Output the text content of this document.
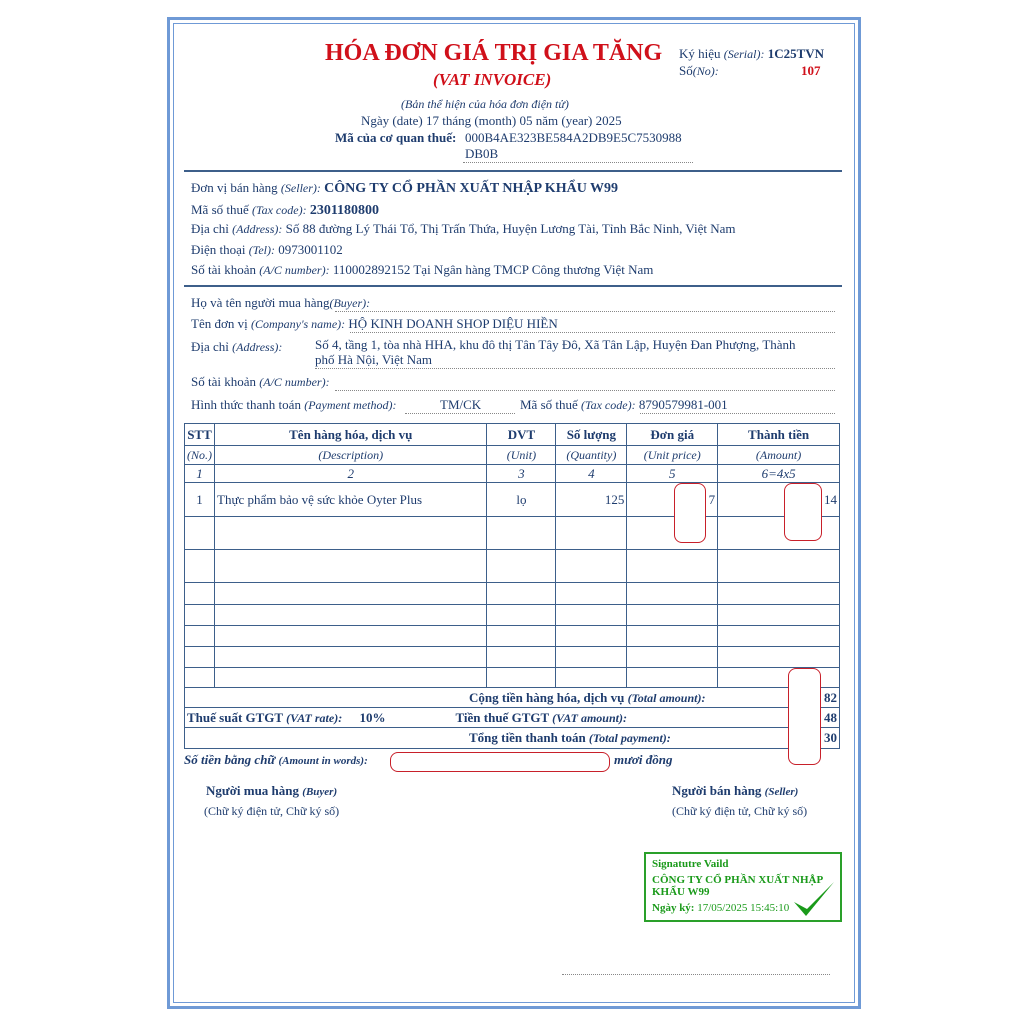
HÓA ĐƠN GIÁ TRỊ GIA TĂNG
(VAT INVOICE)
(Bản thể hiện của hóa đơn điện tử)
Ngày (date) 17 tháng (month) 05 năm (year) 2025
Mã của cơ quan thuế: 000B4AE323BE584A2DB9E5C7530988
DB0B
Ký hiệu (Serial): 1C25TVN
Số(No):	107
Đơn vị bán hàng (Seller): CÔNG TY CỔ PHẦN XUẤT NHẬP KHẨU W99
Mã số thuế (Tax code): 2301180800
Địa chỉ (Address): Số 88 đường Lý Thái Tổ, Thị Trấn Thứa, Huyện Lương Tài, Tỉnh Bắc Ninh, Việt Nam
Điện thoại (Tel): 0973001102
Số tài khoản (A/C number): 110002892152 Tại Ngân hàng TMCP Công thương Việt Nam
Họ và tên người mua hàng(Buyer):
Tên đơn vị (Company's name): HỘ KINH DOANH SHOP DIỆU HIỀN
Địa chỉ (Address):	Số 4, tầng 1, tòa nhà HHA, khu đô thị Tân Tây Đô, Xã Tân Lập, Huyện Đan Phượng, Thành
phố Hà Nội, Việt Nam
Số tài khoản (A/C number):
Hình thức thanh toán (Payment method):	TM/CK	Mã số thuế (Tax code): 8790579981-001
STT	Tên hàng hóa, dịch vụ	DVT	Số lượng	Đơn giá	Thành tiền
(No.)	(Description)	(Unit)	(Quantity)	(Unit price)	(Amount)
1	2	3	4	5	6=4x5
1	Thực phẩm bảo vệ sức khỏe Oyter Plus	lọ	125	7	14

Cộng tiền hàng hóa, dịch vụ (Total amount): 82					

Thuế suất GTGT (VAT rate): 10% Tiền thuế GTGT (VAT amount): 48					

Tổng tiền thanh toán (Total payment): 30					
Số tiền bằng chữ (Amount in words):	mươi đồng
Người mua hàng (Buyer)
(Chữ ký điện tử, Chữ ký số)
Người bán hàng (Seller)
(Chữ ký điện tử, Chữ ký số)
Signatutre Vaild
CÔNG TY CỔ PHẦN XUẤT NHẬP
KHẨU W99
Ngày ký: 17/05/2025 15:45:10
